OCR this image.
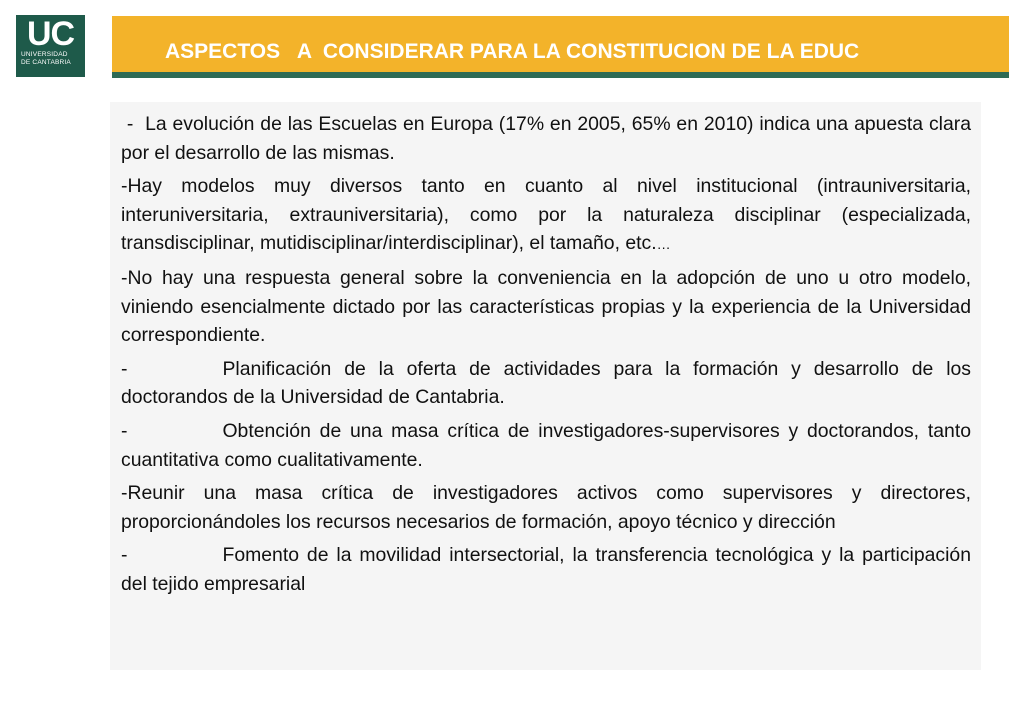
UC
UNIVERSIDAD
DE CANTABRIA	ASPECTOS   A  CONSIDERAR PARA LA CONSTITUCION DE LA EDUC

-  La evolución de las Escuelas en Europa (17% en 2005, 65% en 2010) indica una apuesta clara por el desarrollo de las mismas.

-Hay modelos muy diversos tanto en cuanto al nivel institucional (intrauniversitaria, interuniversitaria, extrauniversitaria), como por la naturaleza disciplinar (especializada, transdisciplinar, mutidisciplinar/interdisciplinar), el tamaño, etc.…

-No hay una respuesta general sobre la conveniencia en la adopción de uno u otro modelo, viniendo esencialmente dictado por las características propias y la experiencia de la Universidad correspondiente.

-	Planificación de la oferta de actividades para la formación y desarrollo de los doctorandos de la Universidad de Cantabria.

-	Obtención de una masa crítica de investigadores-supervisores y doctorandos, tanto cuantitativa como cualitativamente.

-Reunir una masa crítica de investigadores activos como supervisores y directores, proporcionándoles los recursos necesarios de formación, apoyo técnico y dirección

-	Fomento de la movilidad intersectorial, la transferencia tecnológica y la participación del tejido empresarial
